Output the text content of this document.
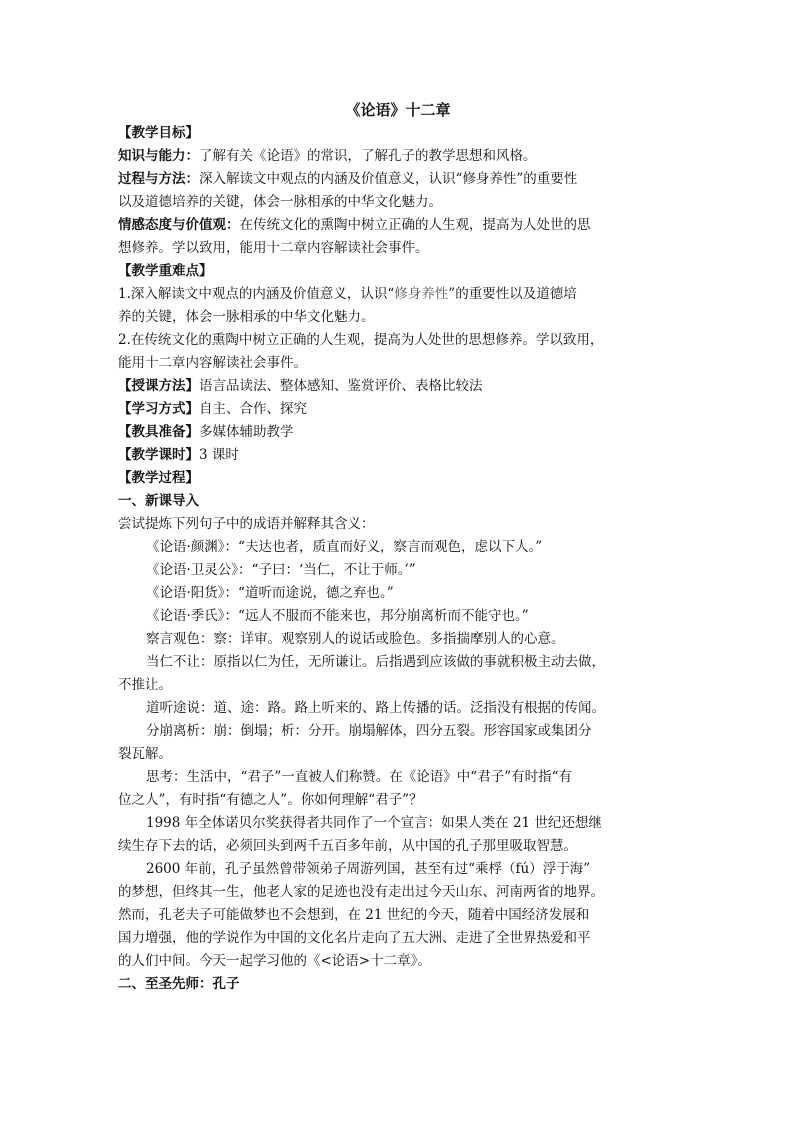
《论语》十二章

【教学目标】

知识与能力：了解有关《论语》的常识，了解孔子的教学思想和风格。

过程与方法：深入解读文中观点的内涵及价值意义，认识“修身养性”的重要性

以及道德培养的关键，体会一脉相承的中华文化魅力。

情感态度与价值观：在传统文化的熏陶中树立正确的人生观，提高为人处世的思

想修养。学以致用，能用十二章内容解读社会事件。

【教学重难点】

1.深入解读文中观点的内涵及价值意义，认识“修身养性”的重要性以及道德培

养的关键，体会一脉相承的中华文化魅力。

2.在传统文化的熏陶中树立正确的人生观，提高为人处世的思想修养。学以致用，

能用十二章内容解读社会事件。

【授课方法】语言品读法、整体感知、鉴赏评价、表格比较法

【学习方式】自主、合作、探究

【教具准备】多媒体辅助教学

【教学课时】3 课时

【教学过程】

一、新课导入

尝试提炼下列句子中的成语并解释其含义：

《论语·颜渊》：“夫达也者，质直而好义，察言而观色，虑以下人。”

《论语·卫灵公》：“子曰：‘当仁，不让于师。’”

《论语·阳货》：“道听而途说，德之弃也。”

《论语·季氏》：“远人不服而不能来也，邦分崩离析而不能守也。”

察言观色：察：详审。观察别人的说话或脸色。多指揣摩别人的心意。

当仁不让：原指以仁为任，无所谦让。后指遇到应该做的事就积极主动去做，

不推让。

道听途说：道、途：路。路上听来的、路上传播的话。泛指没有根据的传闻。

分崩离析：崩：倒塌；析：分开。崩塌解体，四分五裂。形容国家或集团分

裂瓦解。

思考：生活中，“君子”一直被人们称赞。在《论语》中“君子”有时指“有

位之人”，有时指“有德之人”。你如何理解“君子”？

1998 年全体诺贝尔奖获得者共同作了一个宣言：如果人类在 21 世纪还想继

续生存下去的话，必须回头到两千五百多年前，从中国的孔子那里吸取智慧。

2600 年前，孔子虽然曾带领弟子周游列国，甚至有过“乘桴（fú）浮于海”

的梦想，但终其一生，他老人家的足迹也没有走出过今天山东、河南两省的地界。

然而，孔老夫子可能做梦也不会想到，在 21 世纪的今天，随着中国经济发展和

国力增强，他的学说作为中国的文化名片走向了五大洲、走进了全世界热爱和平

的人们中间。今天一起学习他的《<论语>十二章》。

二、至圣先师：孔子
